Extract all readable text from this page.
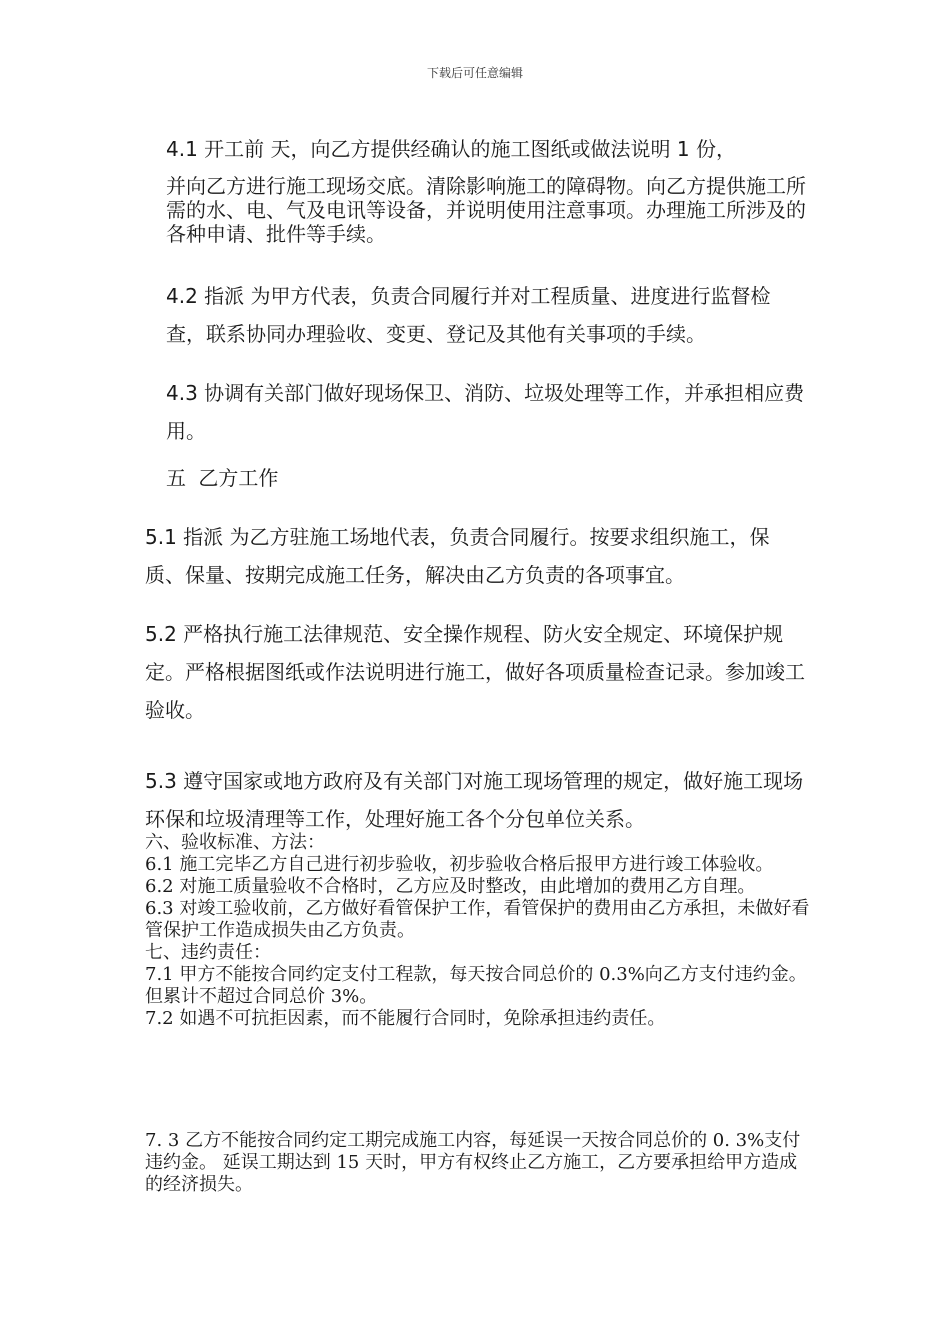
下载后可任意编辑
4.1 开工前 天，向乙方提供经确认的施工图纸或做法说明 1 份，
并向乙方进行施工现场交底。清除影响施工的障碍物。向乙方提供施工所需的水、电、气及电讯等设备，并说明使用注意事项。办理施工所涉及的各种申请、批件等手续。
4.2 指派 为甲方代表，负责合同履行并对工程质量、进度进行监督检查，联系协同办理验收、变更、登记及其他有关事项的手续。
4.3 协调有关部门做好现场保卫、消防、垃圾处理等工作，并承担相应费用。
五 乙方工作
5.1 指派 为乙方驻施工场地代表，负责合同履行。按要求组织施工，保质、保量、按期完成施工任务，解决由乙方负责的各项事宜。
5.2 严格执行施工法律规范、安全操作规程、防火安全规定、环境保护规定。严格根据图纸或作法说明进行施工，做好各项质量检查记录。参加竣工验收。
5.3 遵守国家或地方政府及有关部门对施工现场管理的规定，做好施工现场环保和垃圾清理等工作，处理好施工各个分包单位关系。
六、验收标准、方法：
6.1 施工完毕乙方自己进行初步验收，初步验收合格后报甲方进行竣工体验收。
6.2 对施工质量验收不合格时，乙方应及时整改，由此增加的费用乙方自理。
6.3 对竣工验收前，乙方做好看管保护工作，看管保护的费用由乙方承担，未做好看管保护工作造成损失由乙方负责。
七、违约责任：
7.1 甲方不能按合同约定支付工程款，每天按合同总价的 0.3%向乙方支付违约金。但累计不超过合同总价 3%。
7.2 如遇不可抗拒因素，而不能履行合同时，免除承担违约责任。
7. 3 乙方不能按合同约定工期完成施工内容，每延误一天按合同总价的 0. 3%支付违约金。 延误工期达到 15 天时，甲方有权终止乙方施工，乙方要承担给甲方造成的经济损失。
